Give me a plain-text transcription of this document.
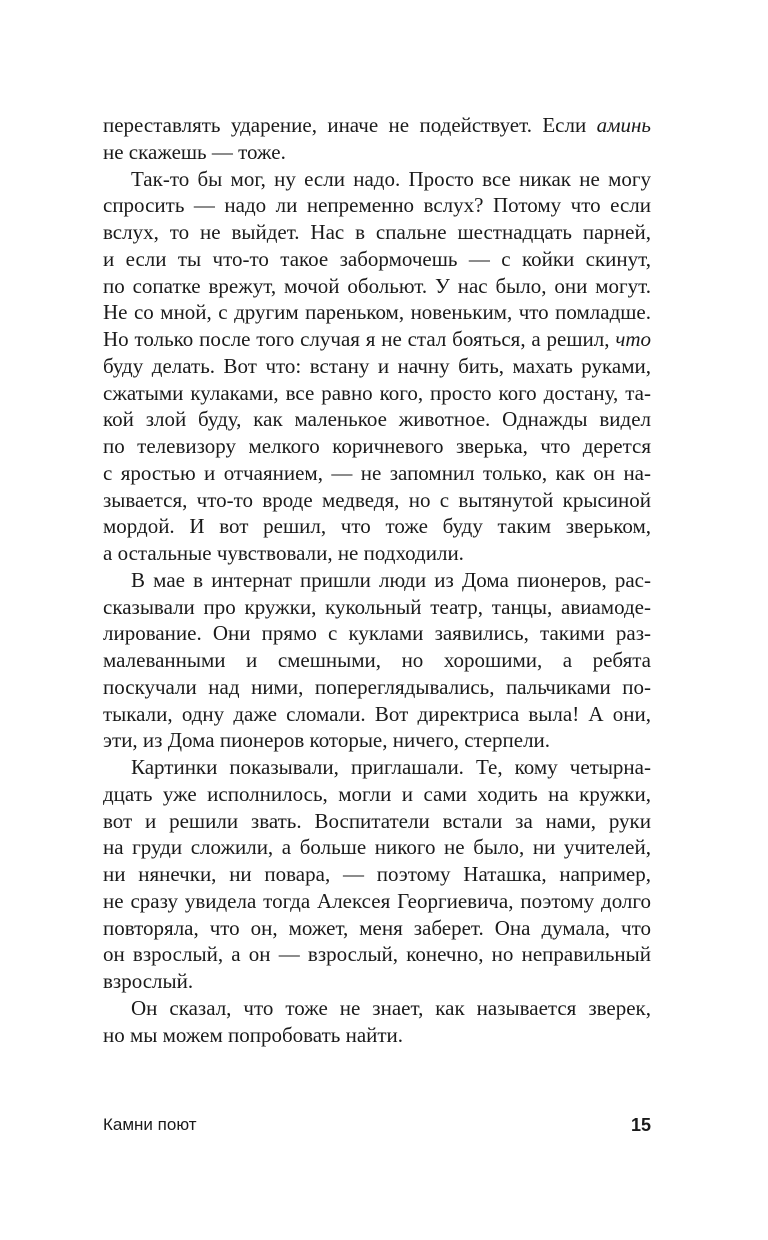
переставлять ударение, иначе не подействует. Если аминь
не скажешь — тоже.
Так-то бы мог, ну если надо. Просто все никак не могу
спросить — надо ли непременно вслух? Потому что если
вслух, то не выйдет. Нас в спальне шестнадцать парней,
и если ты что-то такое забормочешь — с койки скинут,
по сопатке врежут, мочой обольют. У нас было, они могут.
Не со мной, с другим пареньком, новеньким, что помладше.
Но только после того случая я не стал бояться, а решил, что
буду делать. Вот что: встану и начну бить, махать руками,
сжатыми кулаками, все равно кого, просто кого достану, та-
кой злой буду, как маленькое животное. Однажды видел
по телевизору мелкого коричневого зверька, что дерется
с яростью и отчаянием, — не запомнил только, как он на-
зывается, что-то вроде медведя, но с вытянутой крысиной
мордой. И вот решил, что тоже буду таким зверьком,
а остальные чувствовали, не подходили.
В мае в интернат пришли люди из Дома пионеров, рас-
сказывали про кружки, кукольный театр, танцы, авиамоде-
лирование. Они прямо с куклами заявились, такими раз-
малеванными и смешными, но хорошими, а ребята
поскучали над ними, попереглядывались, пальчиками по-
тыкали, одну даже сломали. Вот директриса выла! А они,
эти, из Дома пионеров которые, ничего, стерпели.
Картинки показывали, приглашали. Те, кому четырна-
дцать уже исполнилось, могли и сами ходить на кружки,
вот и решили звать. Воспитатели встали за нами, руки
на груди сложили, а больше никого не было, ни учителей,
ни нянечки, ни повара, — поэтому Наташка, например,
не сразу увидела тогда Алексея Георгиевича, поэтому долго
повторяла, что он, может, меня заберет. Она думала, что
он взрослый, а он — взрослый, конечно, но неправильный
взрослый.
Он сказал, что тоже не знает, как называется зверек,
но мы можем попробовать найти.
Камни поют	15
